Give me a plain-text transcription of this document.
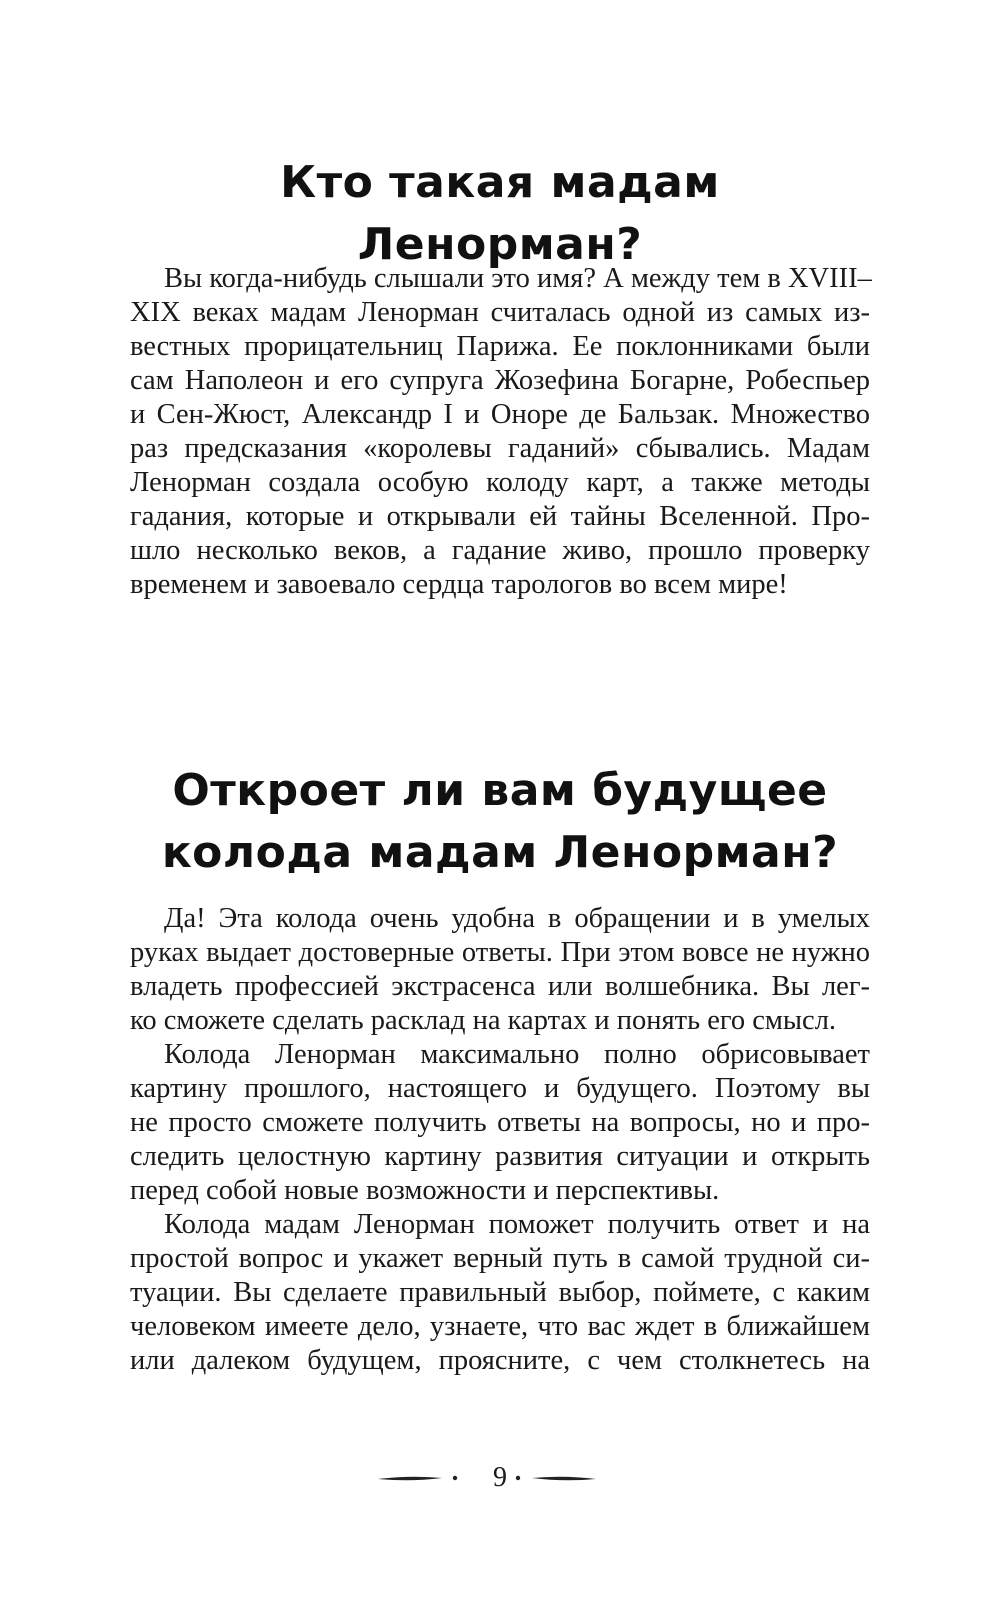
Кто такая мадам Ленорман?
Вы когда-нибудь слышали это имя? А между тем в XVIII–
XIX веках мадам Ленорман считалась одной из самых из-
вестных прорицательниц Парижа. Ее поклонниками были
сам Наполеон и его супруга Жозефина Богарне, Робеспьер
и Сен-Жюст, Александр I и Оноре де Бальзак. Множество
раз предсказания «королевы гаданий» сбывались. Мадам
Ленорман создала особую колоду карт, а также методы
гадания, которые и открывали ей тайны Вселенной. Про-
шло несколько веков, а гадание живо, прошло проверку
временем и завоевало сердца тарологов во всем мире!
Откроет ли вам будущее
колода мадам Ленорман?
Да! Эта колода очень удобна в обращении и в умелых
руках выдает достоверные ответы. При этом вовсе не нужно
владеть профессией экстрасенса или волшебника. Вы лег-
ко сможете сделать расклад на картах и понять его смысл.
Колода Ленорман максимально полно обрисовывает
картину прошлого, настоящего и будущего. Поэтому вы
не просто сможете получить ответы на вопросы, но и про-
следить целостную картину развития ситуации и открыть
перед собой новые возможности и перспективы.
Колода мадам Ленорман поможет получить ответ и на
простой вопрос и укажет верный путь в самой трудной си-
туации. Вы сделаете правильный выбор, поймете, с каким
человеком имеете дело, узнаете, что вас ждет в ближайшем
или далеком будущем, проясните, с чем столкнетесь на
9
